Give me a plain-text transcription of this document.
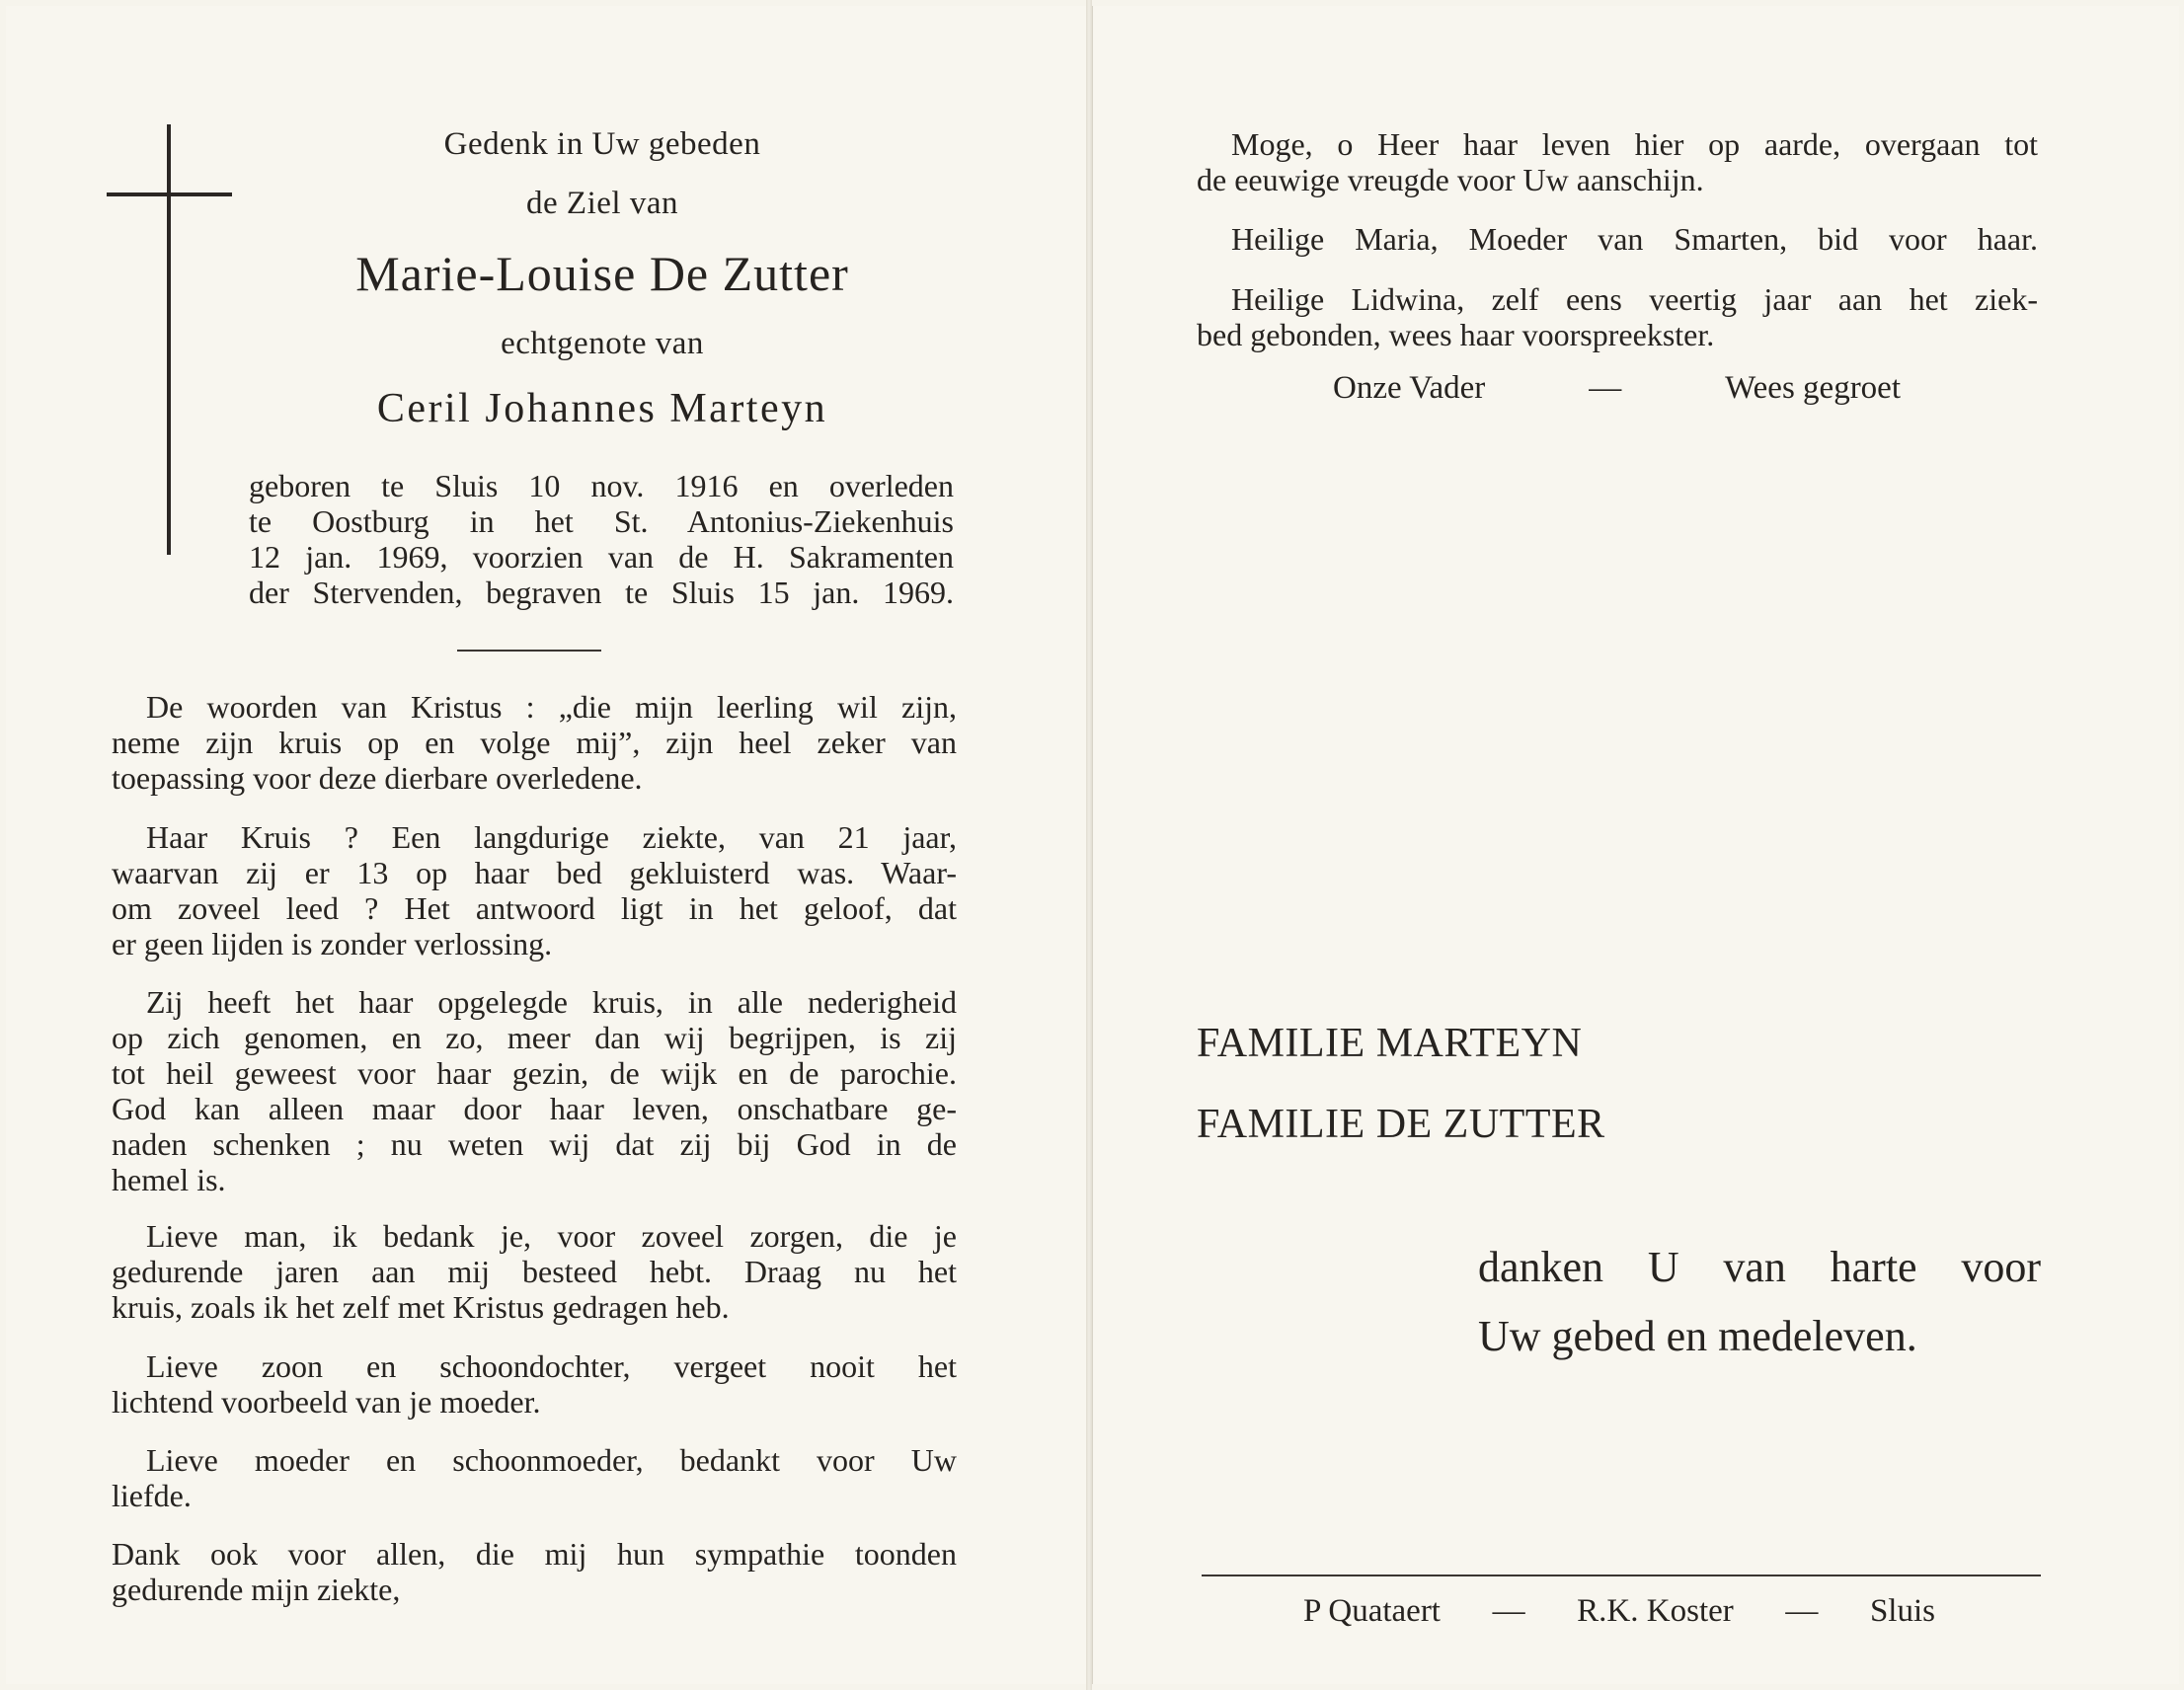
Gedenk in Uw gebeden
de Ziel van
Marie-Louise De Zutter
echtgenote van
Ceril Johannes Marteyn
geboren te Sluis 10 nov. 1916 en overleden
te Oostburg in het St. Antonius-Ziekenhuis
12 jan. 1969, voorzien van de H. Sakramenten
der Stervenden, begraven te Sluis 15 jan. 1969.
De woorden van Kristus : „die mijn leerling wil zijn,
neme zijn kruis op en volge mij”, zijn heel zeker van
toepassing voor deze dierbare overledene.
Haar Kruis ? Een langdurige ziekte, van 21 jaar,
waarvan zij er 13 op haar bed gekluisterd was. Waar-
om zoveel leed ? Het antwoord ligt in het geloof, dat
er geen lijden is zonder verlossing.
Zij heeft het haar opgelegde kruis, in alle nederigheid
op zich genomen, en zo, meer dan wij begrijpen, is zij
tot heil geweest voor haar gezin, de wijk en de parochie.
God kan alleen maar door haar leven, onschatbare ge-
naden schenken ; nu weten wij dat zij bij God in de
hemel is.
Lieve man, ik bedank je, voor zoveel zorgen, die je
gedurende jaren aan mij besteed hebt. Draag nu het
kruis, zoals ik het zelf met Kristus gedragen heb.
Lieve zoon en schoondochter, vergeet nooit het
lichtend voorbeeld van je moeder.
Lieve moeder en schoonmoeder, bedankt voor Uw
liefde.
Dank ook voor allen, die mij hun sympathie toonden
gedurende mijn ziekte,
Moge, o Heer haar leven hier op aarde, overgaan tot
de eeuwige vreugde voor Uw aanschijn.
Heilige Maria, Moeder van Smarten, bid voor haar.
Heilige Lidwina, zelf eens veertig jaar aan het ziek-
bed gebonden, wees haar voorspreekster.
Onze Vader	—	Wees gegroet
FAMILIE MARTEYN
FAMILIE DE ZUTTER
danken U van harte voor
Uw gebed en medeleven.
P Quataert — R.K. Koster — Sluis
